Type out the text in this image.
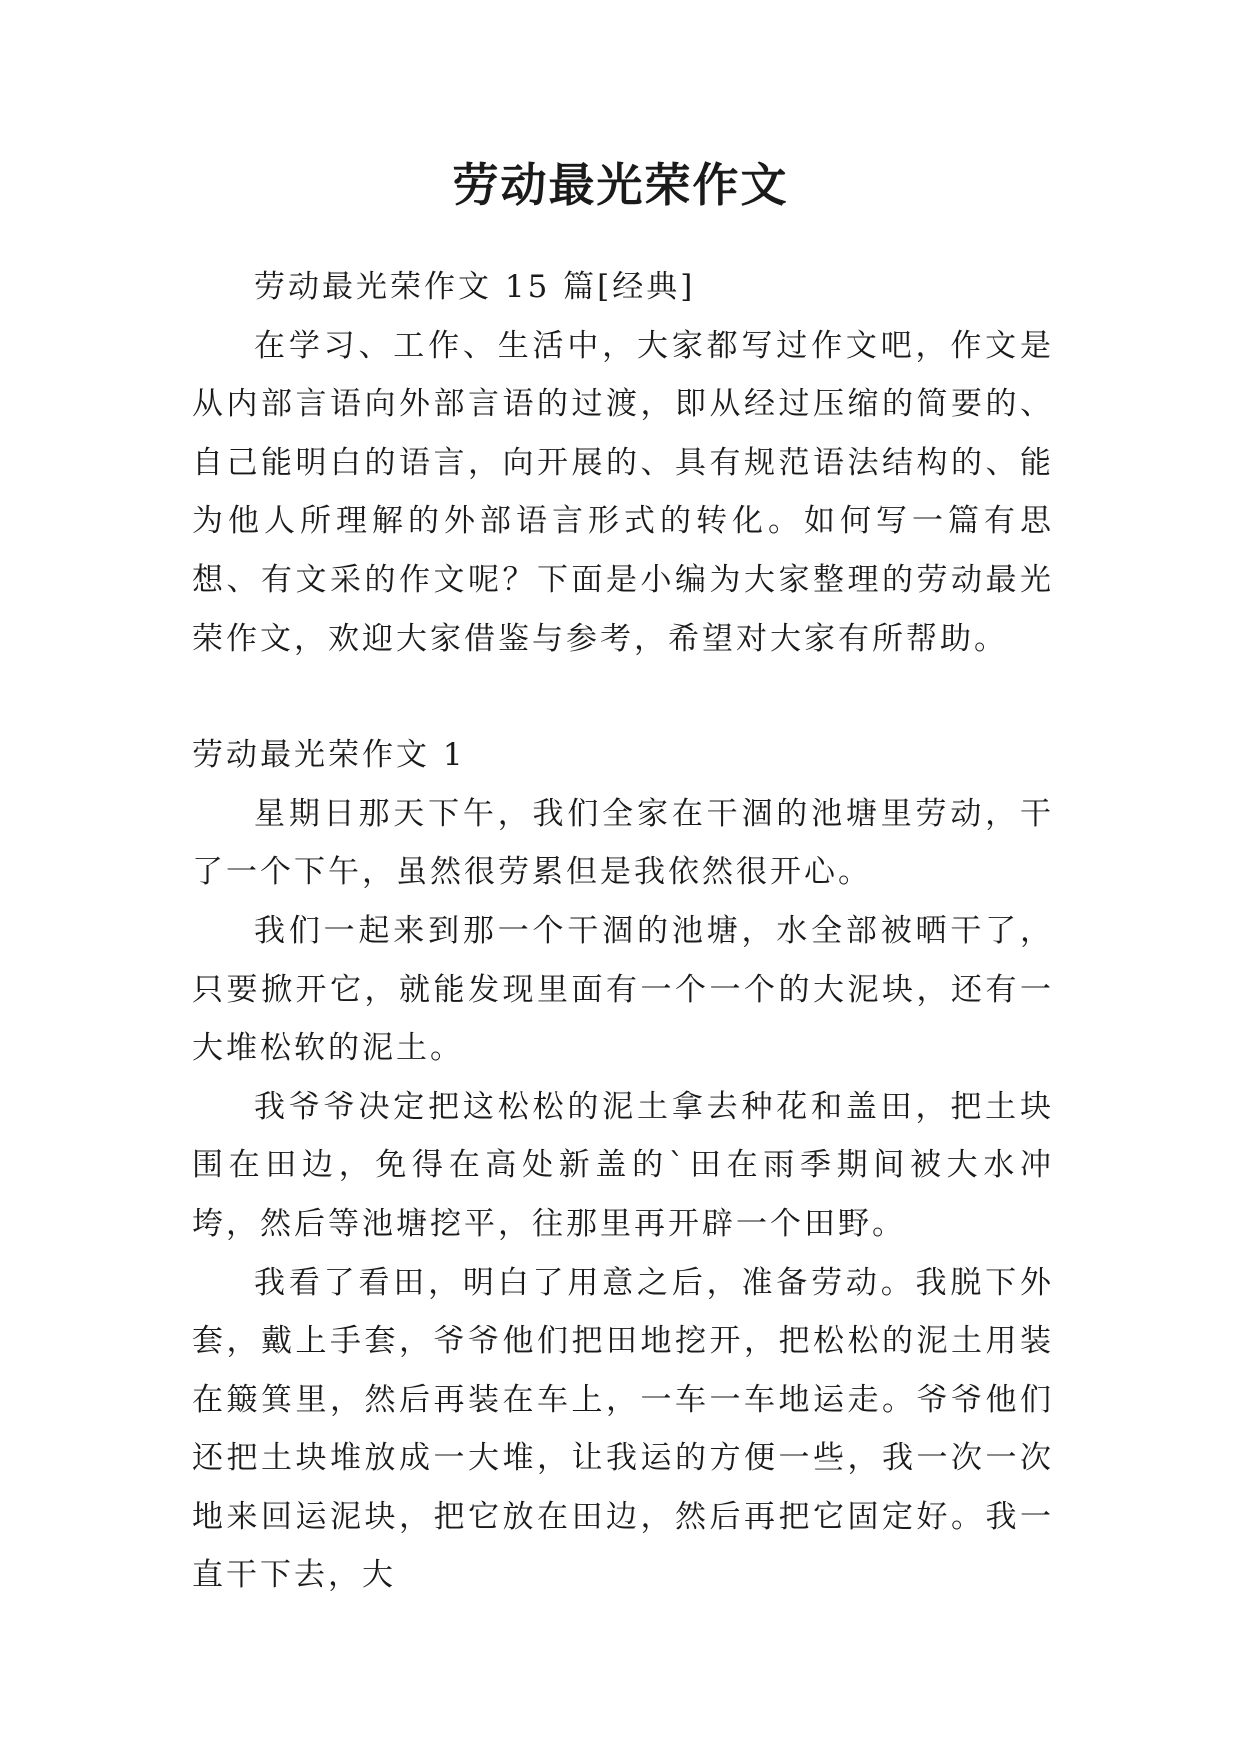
劳动最光荣作文

劳动最光荣作文 15 篇[经典]

在学习、工作、生活中，大家都写过作文吧，作文是从内部言语向外部言语的过渡，即从经过压缩的简要的、自己能明白的语言，向开展的、具有规范语法结构的、能为他人所理解的外部语言形式的转化。如何写一篇有思想、有文采的作文呢？下面是小编为大家整理的劳动最光荣作文，欢迎大家借鉴与参考，希望对大家有所帮助。

劳动最光荣作文 1

星期日那天下午，我们全家在干涸的池塘里劳动，干了一个下午，虽然很劳累但是我依然很开心。

我们一起来到那一个干涸的池塘，水全部被晒干了，只要掀开它，就能发现里面有一个一个的大泥块，还有一大堆松软的泥土。

我爷爷决定把这松松的泥土拿去种花和盖田，把土块围在田边，免得在高处新盖的`田在雨季期间被大水冲垮，然后等池塘挖平，往那里再开辟一个田野。

我看了看田，明白了用意之后，准备劳动。我脱下外套，戴上手套，爷爷他们把田地挖开，把松松的泥土用装在簸箕里，然后再装在车上，一车一车地运走。爷爷他们还把土块堆放成一大堆，让我运的方便一些，我一次一次地来回运泥块，把它放在田边，然后再把它固定好。我一直干下去，大
